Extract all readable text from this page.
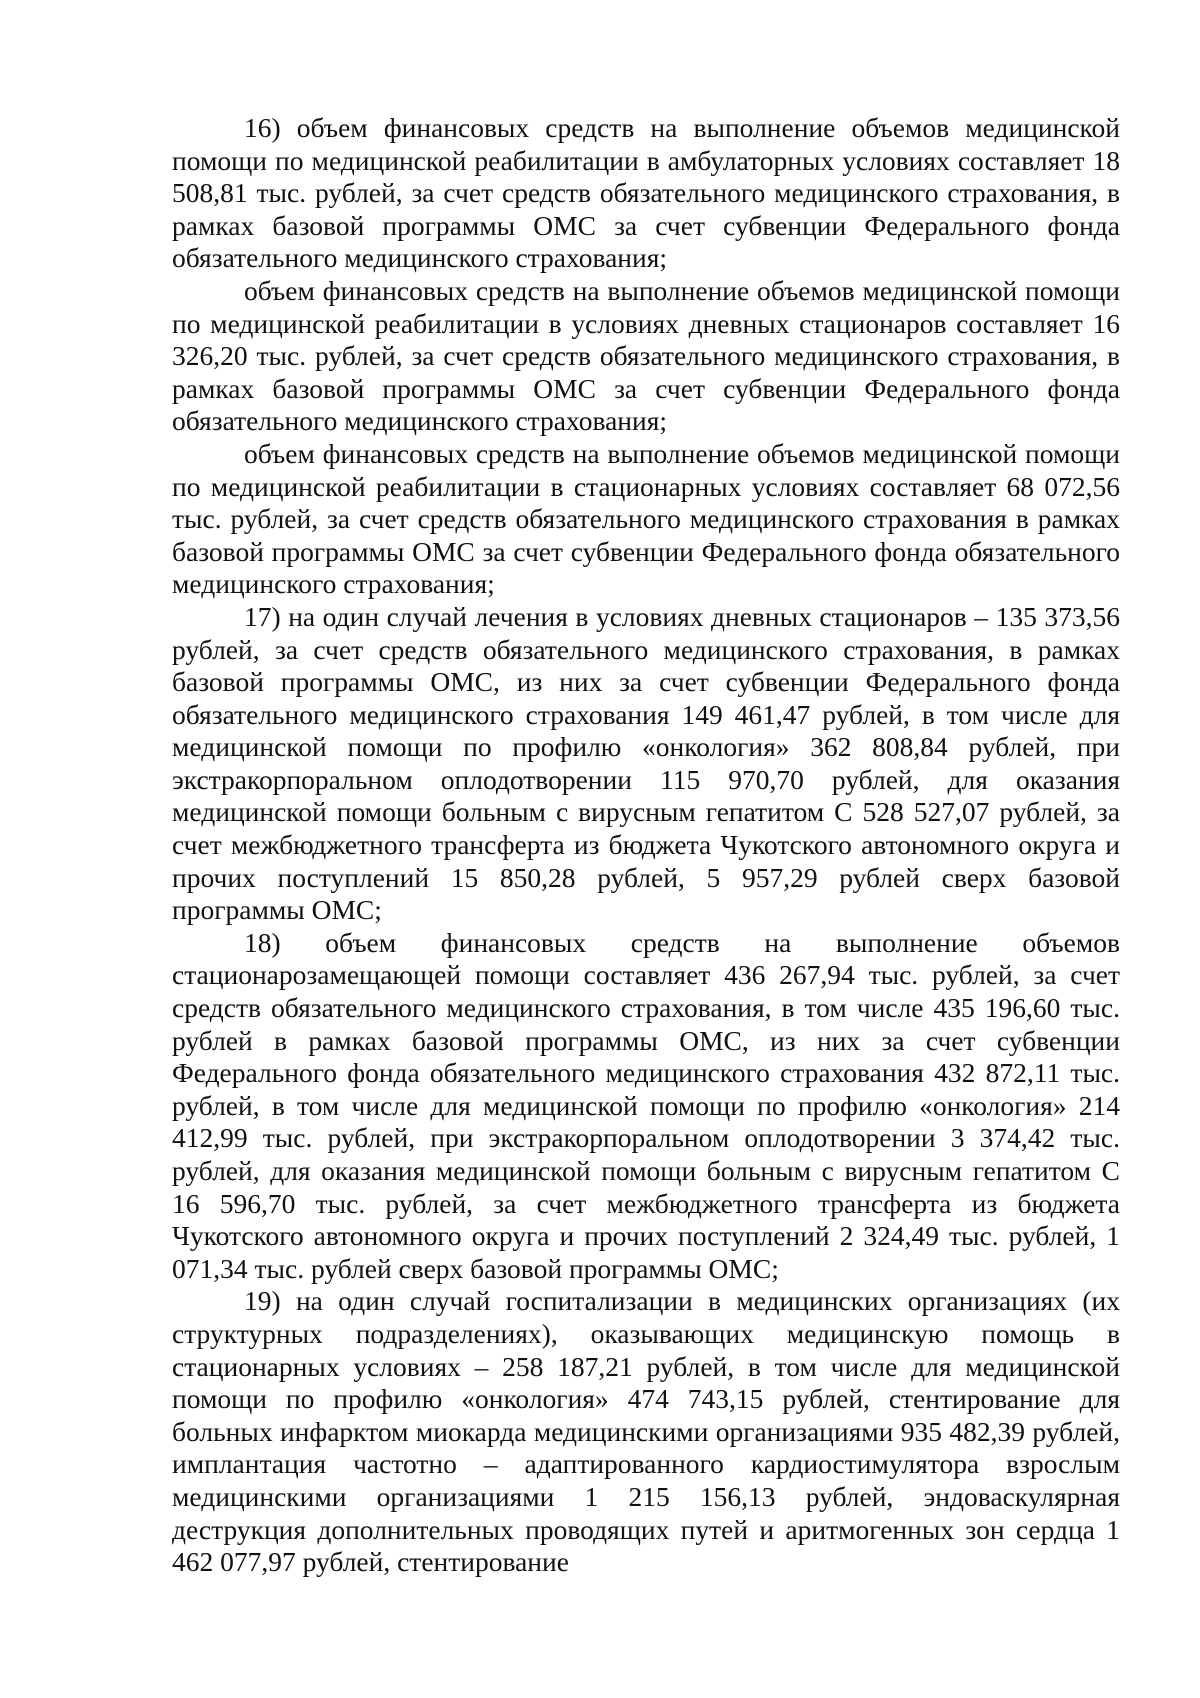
16) объем финансовых средств на выполнение объемов медицинской помощи по медицинской реабилитации в амбулаторных условиях составляет 18 508,81 тыс. рублей, за счет средств обязательного медицинского страхования, в рамках базовой программы ОМС за счет субвенции Федерального фонда обязательного медицинского страхования;

объем финансовых средств на выполнение объемов медицинской помощи по медицинской реабилитации в условиях дневных стационаров составляет 16 326,20 тыс. рублей, за счет средств обязательного медицинского страхования, в рамках базовой программы ОМС за счет субвенции Федерального фонда обязательного медицинского страхования;

объем финансовых средств на выполнение объемов медицинской помощи по медицинской реабилитации в стационарных условиях составляет 68 072,56 тыс. рублей, за счет средств обязательного медицинского страхования в рамках базовой программы ОМС за счет субвенции Федерального фонда обязательного медицинского страхования;

17) на один случай лечения в условиях дневных стационаров – 135 373,56 рублей, за счет средств обязательного медицинского страхования, в рамках базовой программы ОМС, из них за счет субвенции Федерального фонда обязательного медицинского страхования 149 461,47 рублей, в том числе для медицинской помощи по профилю «онкология» 362 808,84 рублей, при экстракорпоральном оплодотворении 115 970,70 рублей, для оказания медицинской помощи больным с вирусным гепатитом С 528 527,07 рублей, за счет межбюджетного трансферта из бюджета Чукотского автономного округа и прочих поступлений 15 850,28 рублей, 5 957,29 рублей сверх базовой программы ОМС;

18) объем финансовых средств на выполнение объемов стационарозамещающей помощи составляет 436 267,94 тыс. рублей, за счет средств обязательного медицинского страхования, в том числе 435 196,60 тыс. рублей в рамках базовой программы ОМС, из них за счет субвенции Федерального фонда обязательного медицинского страхования 432 872,11 тыс. рублей, в том числе для медицинской помощи по профилю «онкология» 214 412,99 тыс. рублей, при экстракорпоральном оплодотворении 3 374,42 тыс. рублей, для оказания медицинской помощи больным с вирусным гепатитом С 16 596,70 тыс. рублей, за счет межбюджетного трансферта из бюджета Чукотского автономного округа и прочих поступлений 2 324,49 тыс. рублей, 1 071,34 тыс. рублей сверх базовой программы ОМС;

19) на один случай госпитализации в медицинских организациях (их структурных подразделениях), оказывающих медицинскую помощь в стационарных условиях – 258 187,21 рублей, в том числе для медицинской помощи по профилю «онкология» 474 743,15 рублей, стентирование для больных инфарктом миокарда медицинскими организациями 935 482,39 рублей, имплантация частотно – адаптированного кардиостимулятора взрослым медицинскими организациями 1 215 156,13 рублей, эндоваскулярная деструкция дополнительных проводящих путей и аритмогенных зон сердца 1 462 077,97 рублей, стентирование
